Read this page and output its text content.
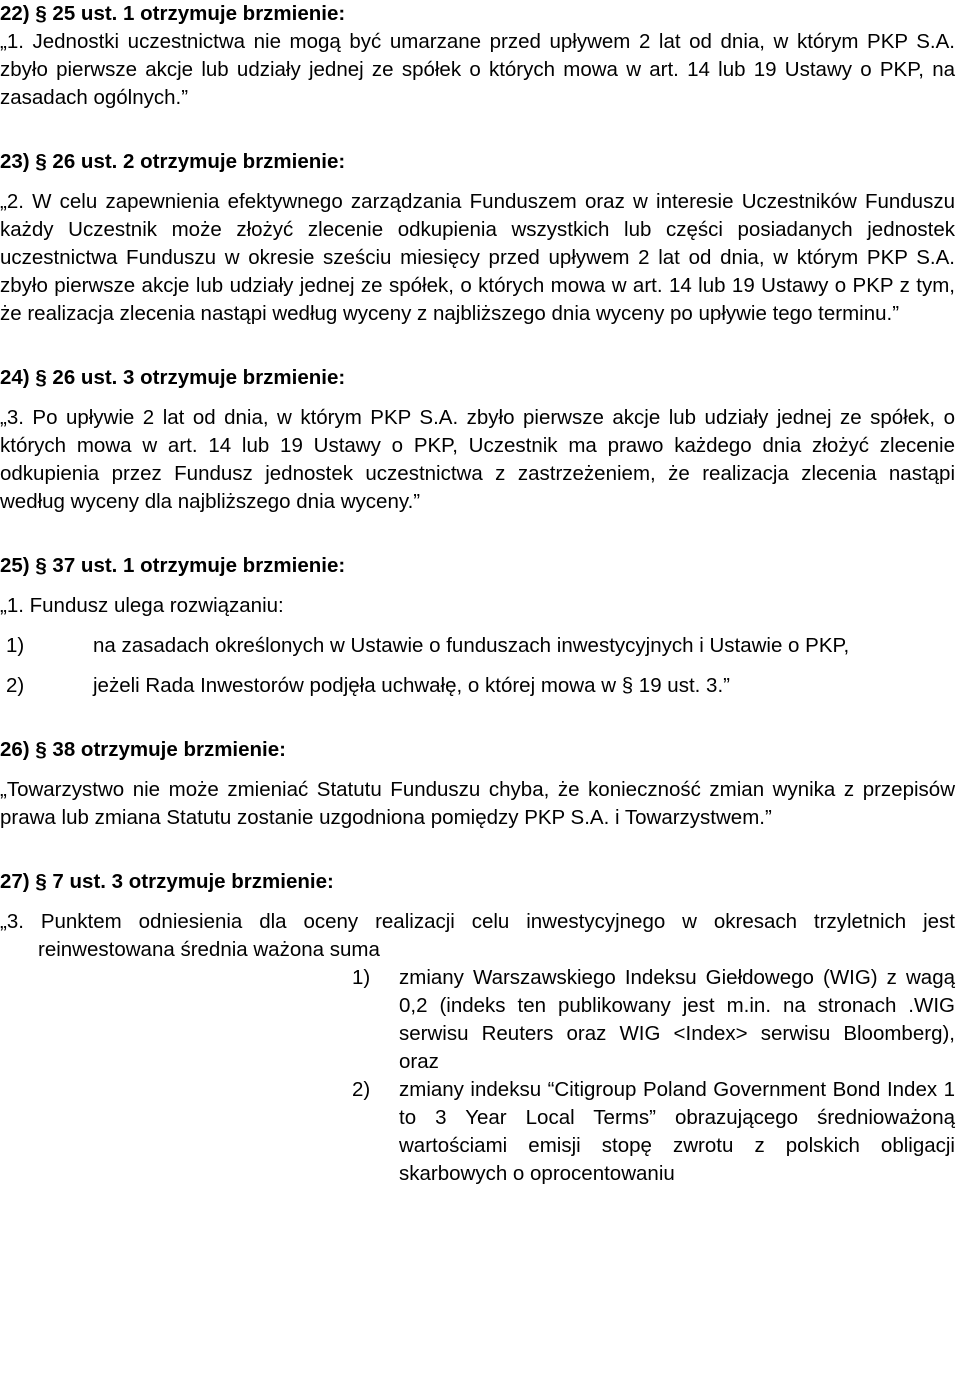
22) § 25 ust. 1 otrzymuje brzmienie:
„1. Jednostki uczestnictwa nie mogą być umarzane przed upływem 2 lat od dnia, w którym PKP S.A. zbyło pierwsze akcje lub udziały jednej ze spółek o których mowa w art. 14 lub 19 Ustawy o PKP, na zasadach ogólnych.”
23) § 26 ust. 2 otrzymuje brzmienie:
„2. W celu zapewnienia efektywnego zarządzania Funduszem oraz w interesie Uczestników Funduszu każdy Uczestnik może złożyć zlecenie odkupienia wszystkich lub części posiadanych jednostek uczestnictwa Funduszu w okresie sześciu miesięcy przed upływem 2 lat od dnia, w którym PKP S.A. zbyło pierwsze akcje lub udziały jednej ze spółek, o których mowa w art. 14 lub 19 Ustawy o PKP z tym, że realizacja zlecenia nastąpi według wyceny z najbliższego dnia wyceny po upływie tego terminu.”
24) § 26 ust. 3 otrzymuje brzmienie:
„3. Po upływie 2 lat od dnia, w którym PKP S.A. zbyło pierwsze akcje lub udziały jednej ze spółek, o których mowa w art. 14 lub 19 Ustawy o PKP, Uczestnik ma prawo każdego dnia złożyć zlecenie odkupienia przez Fundusz jednostek uczestnictwa z zastrzeżeniem, że realizacja zlecenia nastąpi według wyceny dla najbliższego dnia wyceny.”
25) § 37 ust. 1 otrzymuje brzmienie:
„1. Fundusz ulega rozwiązaniu:
1)	na zasadach określonych w Ustawie o funduszach inwestycyjnych i Ustawie o PKP,
2)	jeżeli Rada Inwestorów podjęła uchwałę, o której mowa w § 19 ust. 3.”
26) § 38 otrzymuje brzmienie:
„Towarzystwo nie może zmieniać Statutu Funduszu chyba, że konieczność zmian wynika z przepisów prawa lub zmiana Statutu zostanie uzgodniona pomiędzy PKP S.A. i Towarzystwem.”
27) § 7 ust. 3 otrzymuje brzmienie:
„3. Punktem odniesienia dla oceny realizacji celu inwestycyjnego w okresach trzyletnich jest reinwestowana średnia ważona suma
1)	zmiany Warszawskiego Indeksu Giełdowego (WIG) z wagą 0,2 (indeks ten publikowany jest m.in. na stronach .WIG serwisu Reuters oraz WIG <Index> serwisu Bloomberg), oraz
2)	zmiany indeksu “Citigroup Poland Government Bond Index 1 to 3 Year Local Terms” obrazującego średnioważoną wartościami emisji stopę zwrotu z polskich obligacji skarbowych o oprocentowaniu
